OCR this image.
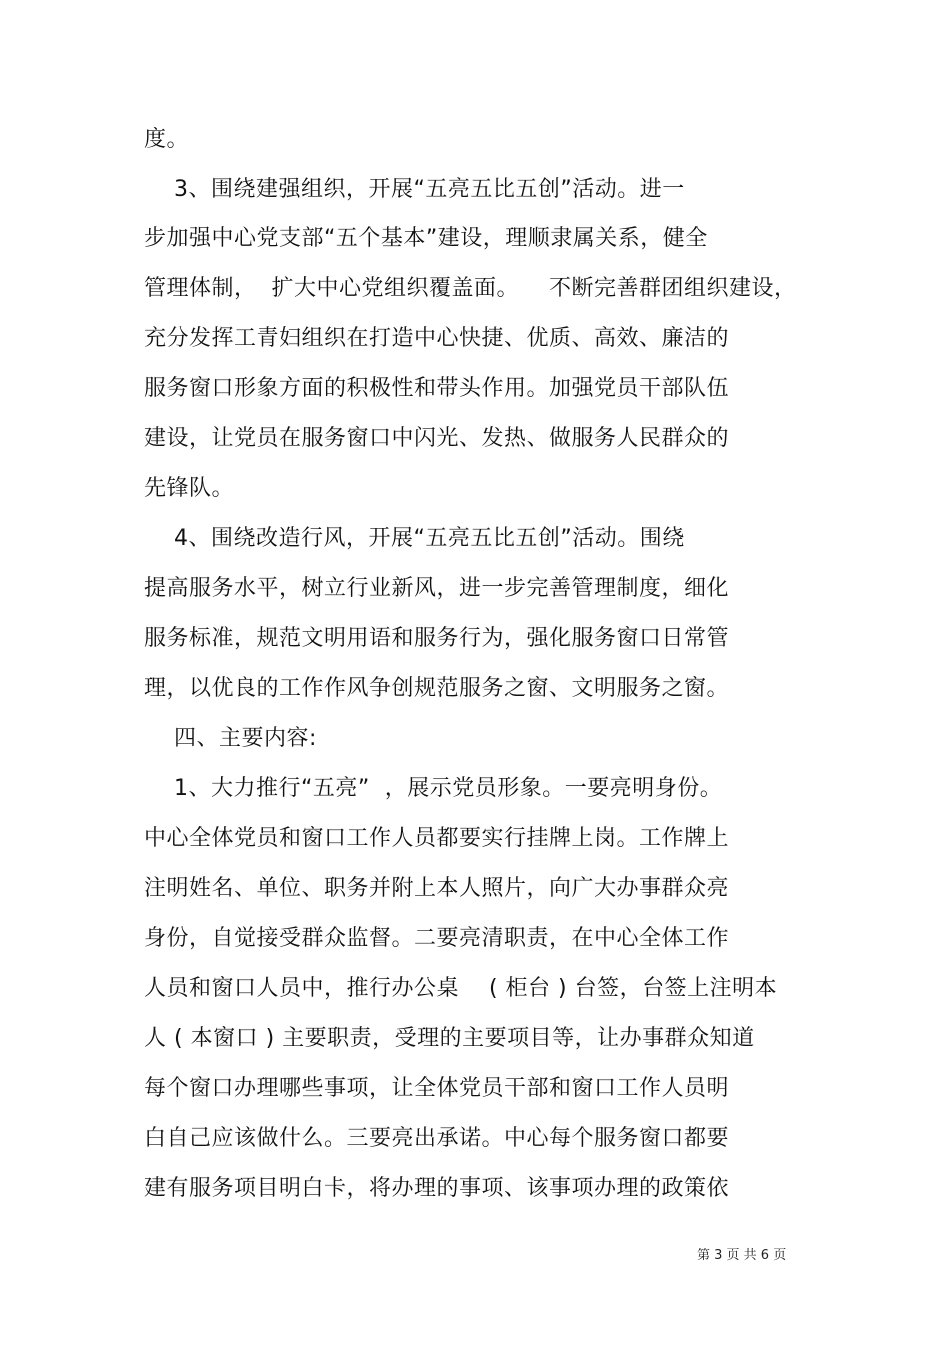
度。
3、围绕建强组织，开展“五亮五比五创”活动。进一
步加强中心党支部“五个基本”建设，理顺隶属关系，健全
管理体制，  扩大中心党组织覆盖面。    不断完善群团组织建设，
充分发挥工青妇组织在打造中心快捷、优质、高效、廉洁的
服务窗口形象方面的积极性和带头作用。加强党员干部队伍
建设，让党员在服务窗口中闪光、发热、做服务人民群众的
先锋队。
4、围绕改造行风，开展“五亮五比五创”活动。围绕
提高服务水平，树立行业新风，进一步完善管理制度，细化
服务标准，规范文明用语和服务行为，强化服务窗口日常管
理，以优良的工作作风争创规范服务之窗、文明服务之窗。
四、主要内容:
1、大力推行“五亮”  ，展示党员形象。一要亮明身份。
中心全体党员和窗口工作人员都要实行挂牌上岗。工作牌上
注明姓名、单位、职务并附上本人照片，向广大办事群众亮
身份，自觉接受群众监督。二要亮清职责，在中心全体工作
人员和窗口人员中，推行办公桌    ( 柜台 ) 台签，台签上注明本
人 ( 本窗口 ) 主要职责，受理的主要项目等，让办事群众知道
每个窗口办理哪些事项，让全体党员干部和窗口工作人员明
白自己应该做什么。三要亮出承诺。中心每个服务窗口都要
建有服务项目明白卡，将办理的事项、该事项办理的政策依
第 3 页 共 6 页
